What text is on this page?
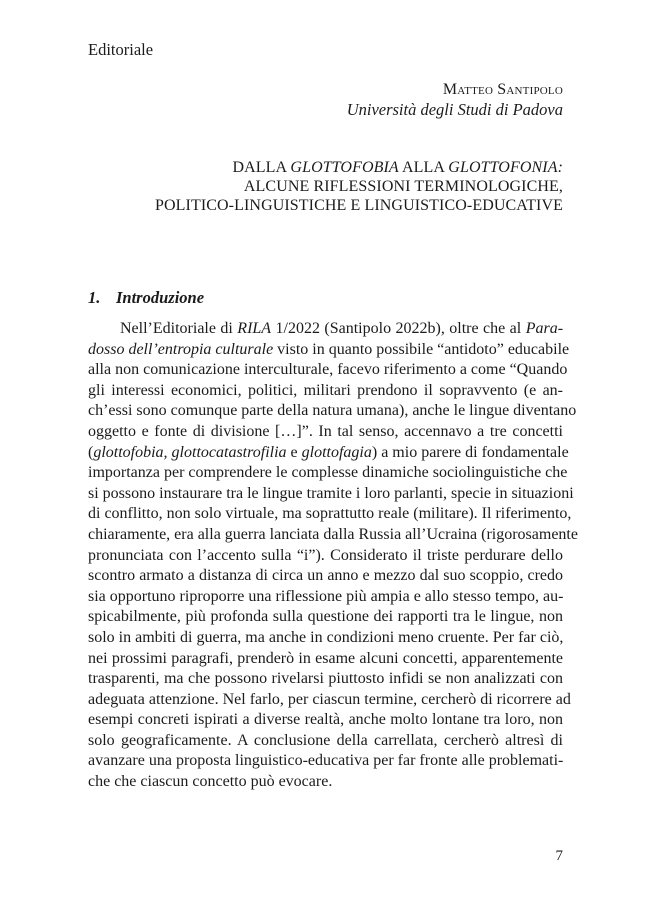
Editoriale
Matteo Santipolo
Università degli Studi di Padova
DALLA GLOTTOFOBIA ALLA GLOTTOFONIA:
ALCUNE RIFLESSIONI TERMINOLOGICHE,
POLITICO-LINGUISTICHE E LINGUISTICO-EDUCATIVE
1. Introduzione
Nell’Editoriale di RILA 1/2022 (Santipolo 2022b), oltre che al Para-
dosso dell’entropia culturale visto in quanto possibile “antidoto” educabile
alla non comunicazione interculturale, facevo riferimento a come “Quando
gli interessi economici, politici, militari prendono il sopravvento (e an-
ch’essi sono comunque parte della natura umana), anche le lingue diventano
oggetto e fonte di divisione […]”. In tal senso, accennavo a tre concetti
(glottofobia, glottocatastrofilia e glottofagia) a mio parere di fondamentale
importanza per comprendere le complesse dinamiche sociolinguistiche che
si possono instaurare tra le lingue tramite i loro parlanti, specie in situazioni
di conflitto, non solo virtuale, ma soprattutto reale (militare). Il riferimento,
chiaramente, era alla guerra lanciata dalla Russia all’Ucraina (rigorosamente
pronunciata con l’accento sulla “i”). Considerato il triste perdurare dello
scontro armato a distanza di circa un anno e mezzo dal suo scoppio, credo
sia opportuno riproporre una riflessione più ampia e allo stesso tempo, au-
spicabilmente, più profonda sulla questione dei rapporti tra le lingue, non
solo in ambiti di guerra, ma anche in condizioni meno cruente. Per far ciò,
nei prossimi paragrafi, prenderò in esame alcuni concetti, apparentemente
trasparenti, ma che possono rivelarsi piuttosto infidi se non analizzati con
adeguata attenzione. Nel farlo, per ciascun termine, cercherò di ricorrere ad
esempi concreti ispirati a diverse realtà, anche molto lontane tra loro, non
solo geograficamente. A conclusione della carrellata, cercherò altresì di
avanzare una proposta linguistico-educativa per far fronte alle problemati-
che che ciascun concetto può evocare.
7
